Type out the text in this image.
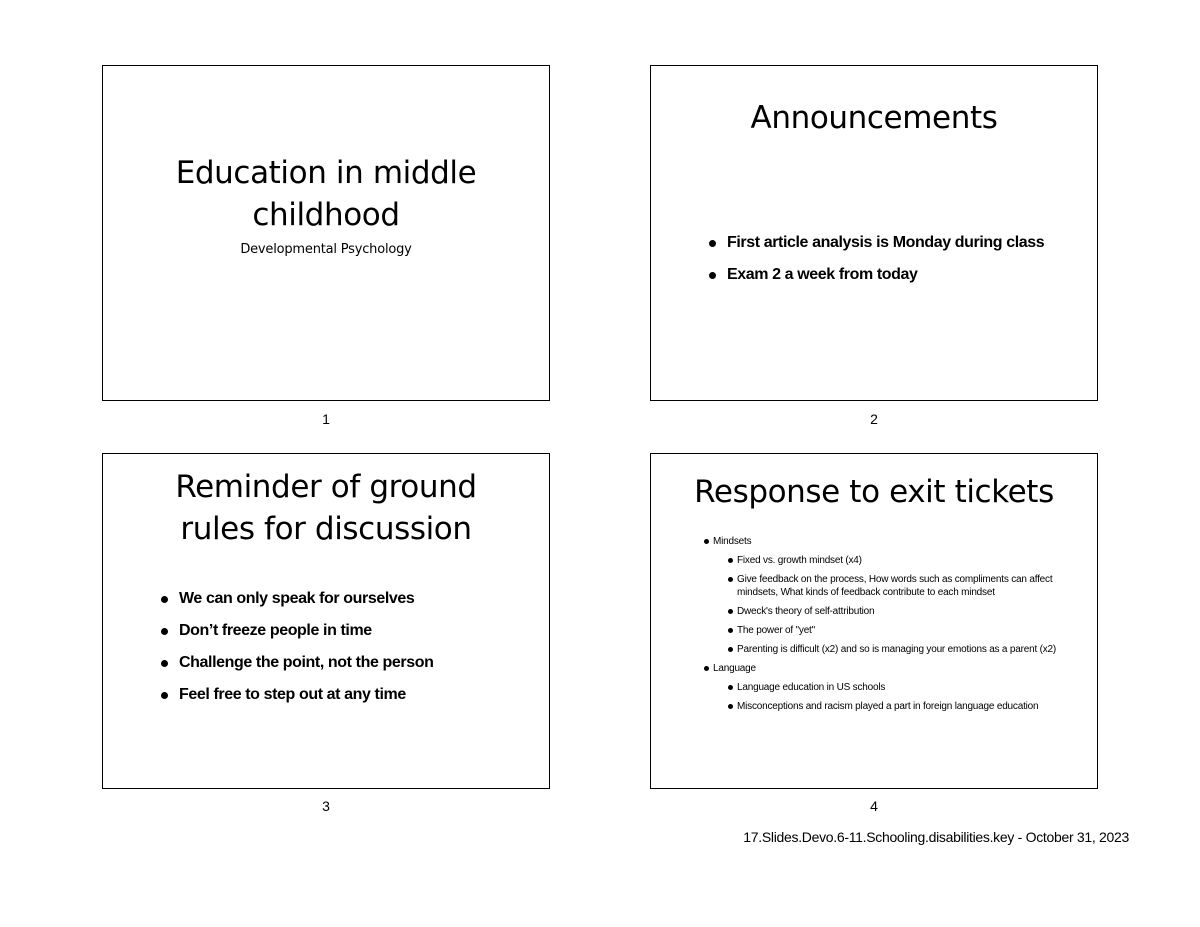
Education in middle
childhood
Developmental Psychology
1
Announcements
First article analysis is Monday during class
Exam 2 a week from today
2
Reminder of ground
rules for discussion
We can only speak for ourselves
Don’t freeze people in time
Challenge the point, not the person
Feel free to step out at any time
3
Response to exit tickets
Mindsets
Fixed vs. growth mindset (x4)
Give feedback on the process, How words such as compliments can affect mindsets, What kinds of feedback contribute to each mindset
Dweck's theory of self-attribution
The power of "yet"
Parenting is difficult (x2) and so is managing your emotions as a parent (x2)
Language
Language education in US schools
Misconceptions and racism played a part in foreign language education
4
17.Slides.Devo.6-11.Schooling.disabilities.key - October 31, 2023
